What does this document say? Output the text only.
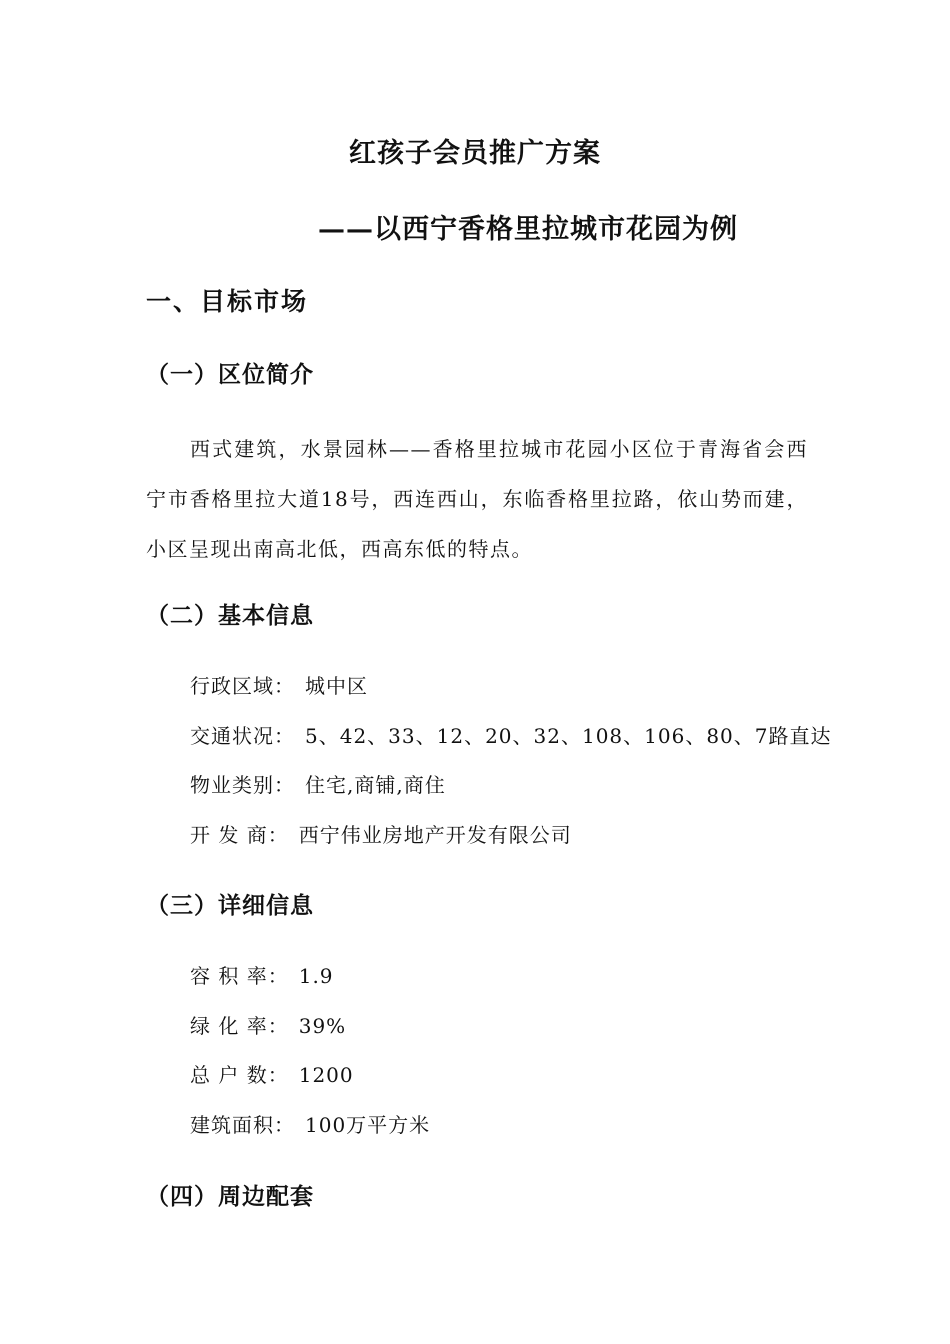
红孩子会员推广方案
——以西宁香格里拉城市花园为例
一、目标市场
（一）区位简介
西式建筑，水景园林——香格里拉城市花园小区位于青海省会西宁市香格里拉大道18号，西连西山，东临香格里拉路，依山势而建，小区呈现出南高北低，西高东低的特点。
（二）基本信息
行政区域： 城中区
交通状况： 5、42、33、12、20、32、108、106、80、7路直达
物业类别： 住宅,商铺,商住
开 发 商： 西宁伟业房地产开发有限公司
（三）详细信息
容 积 率： 1.9
绿 化 率： 39%
总 户 数： 1200
建筑面积： 100万平方米
（四）周边配套
